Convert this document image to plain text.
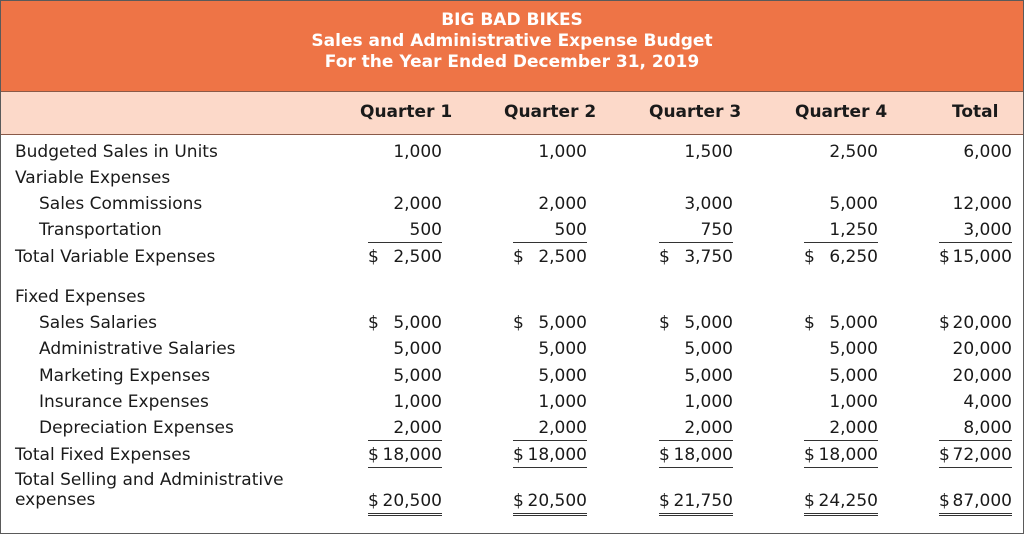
BIG BAD BIKES
Sales and Administrative Expense Budget
For the Year Ended December 31, 2019
Quarter 1	Quarter 2	Quarter 3	Quarter 4	Total
Budgeted Sales in Units	1,000	1,000	1,500	2,500	6,000
Variable Expenses
Sales Commissions	2,000	2,000	3,000	5,000	12,000
Transportation	500	500	750	1,250	3,000
Total Variable Expenses	$ 2,500	$ 2,500	$ 3,750	$ 6,250	$ 15,000
Fixed Expenses
Sales Salaries	$ 5,000	$ 5,000	$ 5,000	$ 5,000	$ 20,000
Administrative Salaries	5,000	5,000	5,000	5,000	20,000
Marketing Expenses	5,000	5,000	5,000	5,000	20,000
Insurance Expenses	1,000	1,000	1,000	1,000	4,000
Depreciation Expenses	2,000	2,000	2,000	2,000	8,000
Total Fixed Expenses	$ 18,000	$ 18,000	$ 18,000	$ 18,000	$ 72,000
Total Selling and Administrative
expenses	$ 20,500	$ 20,500	$ 21,750	$ 24,250	$ 87,000
